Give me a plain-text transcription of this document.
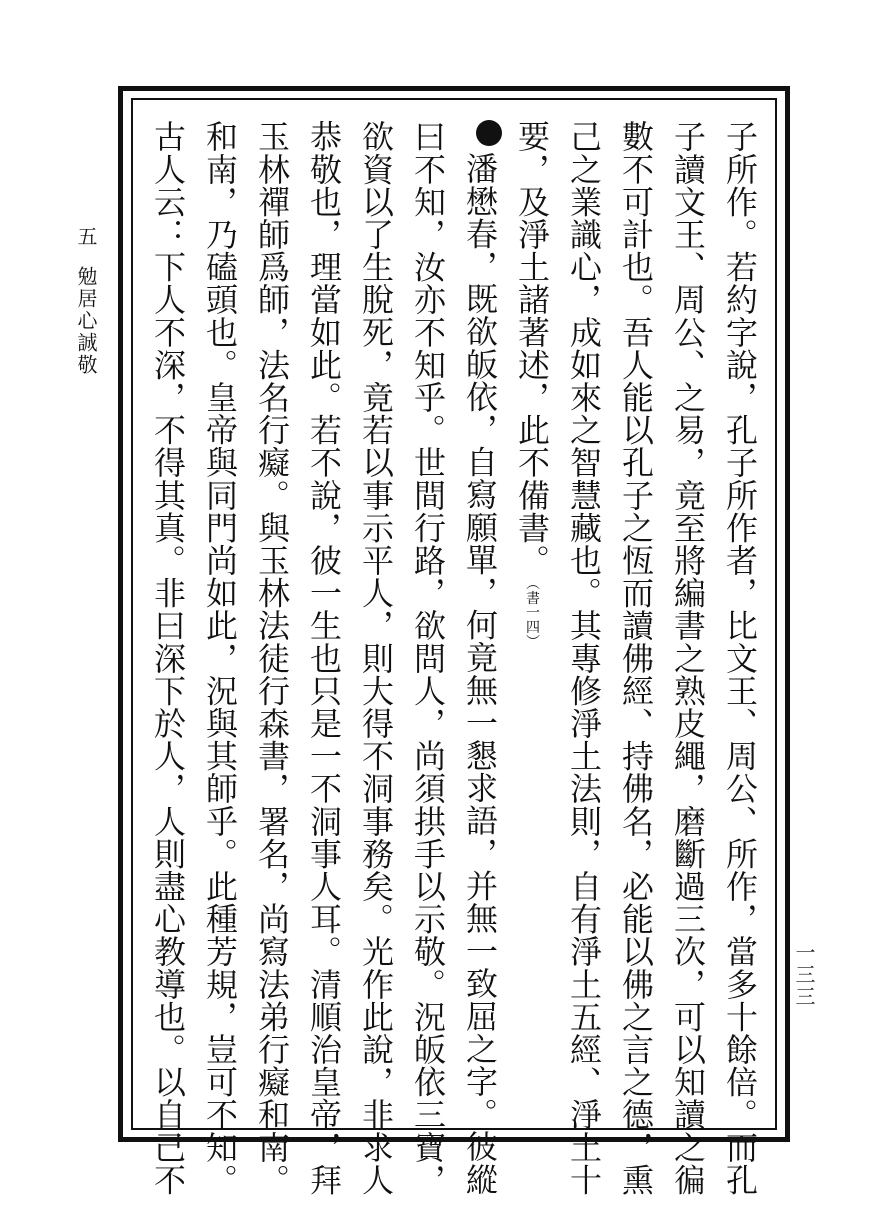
五
勉居心誠敬
一三三
子所作。若約字說，孔子所作者，比文王、周公、所作，當多十餘倍。而孔
子讀文王、周公、之易，竟至將編書之熟皮繩，磨斷過三次，可以知讀之徧
數不可計也。吾人能以孔子之恆而讀佛經、持佛名，必能以佛之言之德，熏
己之業識心，成如來之智慧藏也。其專修淨土法則，自有淨土五經、淨土十
要，及淨土諸著述，此不備書。（書一四）
潘懋春，既欲皈依，自寫願單，何竟無一懇求語，并無一致屈之字。彼縱
曰不知，汝亦不知乎。世間行路，欲問人，尚須拱手以示敬。況皈依三寶，
欲資以了生脫死，竟若以事示平人，則大得不洞事務矣。光作此說，非求人
恭敬也，理當如此。若不說，彼一生也只是一不洞事人耳。清順治皇帝，拜
玉林禪師爲師，法名行癡。與玉林法徒行森書，署名，尚寫法弟行癡和南。
和南，乃磕頭也。皇帝與同門尚如此，況與其師乎。此種芳規，豈可不知。
古人云：下人不深，不得其真。非曰深下於人，人則盡心教導也。以自己不
